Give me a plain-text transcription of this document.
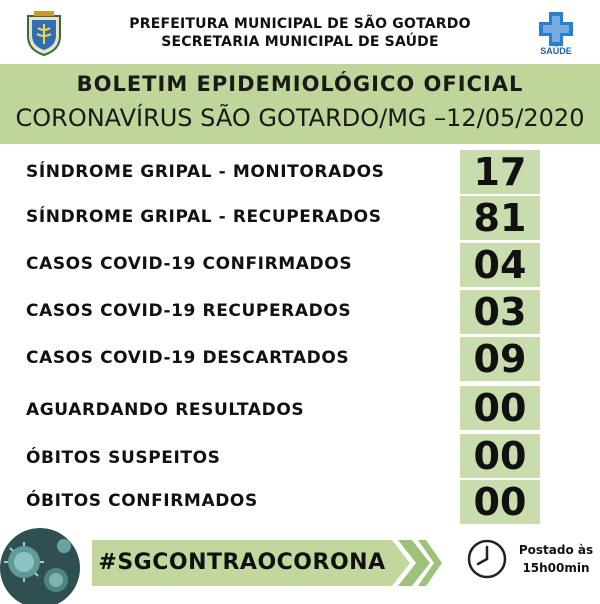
PREFEITURA MUNICIPAL DE SÃO GOTARDO
SECRETARIA MUNICIPAL DE SAÚDE
SAÚDE
BOLETIM EPIDEMIOLÓGICO OFICIAL
CORONAVÍRUS SÃO GOTARDO/MG –12/05/2020
SÍNDROME GRIPAL - MONITORADOS	17
SÍNDROME GRIPAL - RECUPERADOS	81
CASOS COVID-19 CONFIRMADOS	04
CASOS COVID-19 RECUPERADOS	03
CASOS COVID-19 DESCARTADOS	09
AGUARDANDO RESULTADOS	00
ÓBITOS SUSPEITOS	00
ÓBITOS CONFIRMADOS	00
#SGCONTRAOCORONA	Postado às
15h00min
